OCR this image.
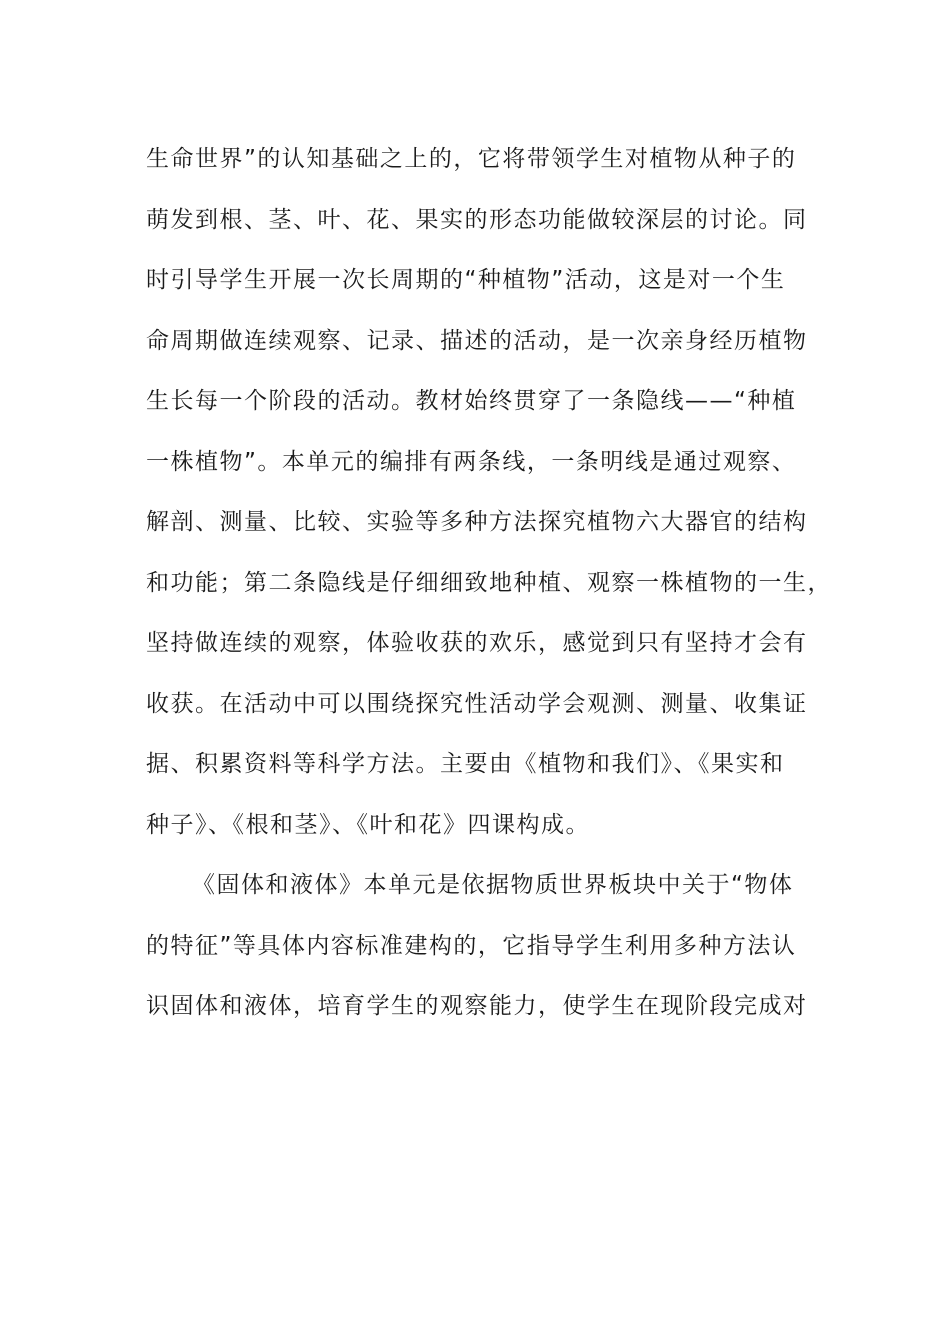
生命世界”的认知基础之上的，它将带领学生对植物从种子的

萌发到根、茎、叶、花、果实的形态功能做较深层的讨论。同

时引导学生开展一次长周期的“种植物”活动，这是对一个生

命周期做连续观察、记录、描述的活动，是一次亲身经历植物

生长每一个阶段的活动。教材始终贯穿了一条隐线——“种植

一株植物”。本单元的编排有两条线，一条明线是通过观察、

解剖、测量、比较、实验等多种方法探究植物六大器官的结构

和功能；第二条隐线是仔细细致地种植、观察一株植物的一生，

坚持做连续的观察，体验收获的欢乐，感觉到只有坚持才会有

收获。在活动中可以围绕探究性活动学会观测、测量、收集证

据、积累资料等科学方法。主要由《植物和我们》、《果实和

种子》、《根和茎》、《叶和花》四课构成。

《固体和液体》本单元是依据物质世界板块中关于“物体

的特征”等具体内容标准建构的，它指导学生利用多种方法认

识固体和液体，培育学生的观察能力，使学生在现阶段完成对
